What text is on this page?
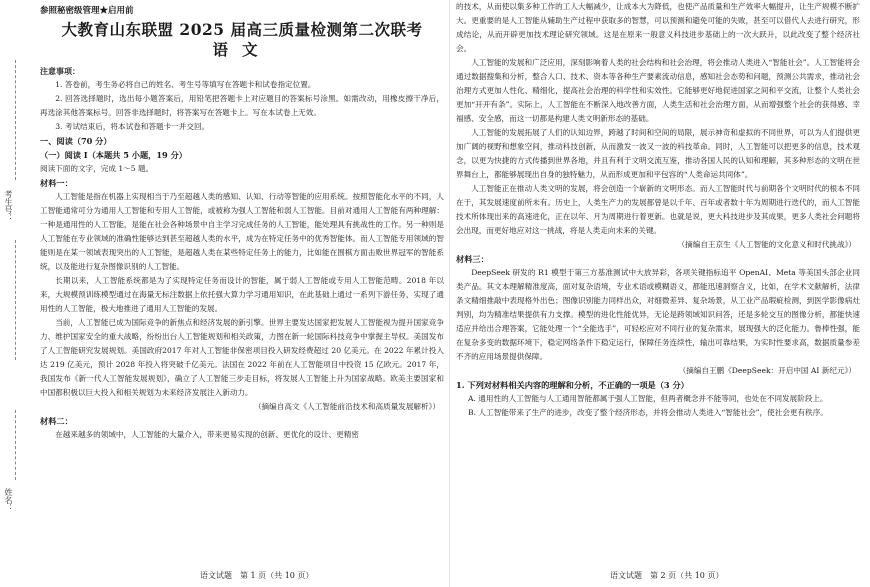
考生号：
姓名：
参照秘密级管理★启用前
大教育山东联盟 2025 届高三质量检测第二次联考
语文
注意事项：

1. 答卷前，考生务必将自己的姓名、考生号等填写在答题卡和试卷指定位置。

2. 回答选择题时，选出每小题答案后，用铅笔把答题卡上对应题目的答案标号涂黑。如需改动，用橡皮擦干净后，再选涂其他答案标号。回答非选择题时，将答案写在答题卡上。写在本试卷上无效。

3. 考试结束后，将本试卷和答题卡一并交回。

一、阅读（70 分）

（一）阅读 I（本题共 5 小题，19 分）

阅读下面的文字，完成 1～5 题。

材料一：

人工智能是指在机器上实现相当于乃至超越人类的感知、认知、行动等智能的应用系统。按照智能化水平的不同，人工智能通常可分为通用人工智能和专用人工智能，或被称为强人工智能和弱人工智能。目前对通用人工智能有两种理解：一种是通用性的人工智能，是能在社会各种场景中自主学习完成任务的人工智能，能处理具有挑战性的工作。另一种则是人工智能在专业领域的准确性能够达到甚至超越人类的水平，成为在特定任务中的优秀智能体。而人工智能专用领域的智能则是在某一领域表现突出的人工智能，是超越人类在某些特定任务上的能力，比如能在围棋方面击败世界冠军的智能系统，以及能进行复杂图像识别的人工智能。

长期以来，人工智能系统都是为了实现特定任务而设计的智能，属于弱人工智能或专用人工智能范畴。2018 年以来，大规模预训练模型通过在海量无标注数据上依托强大算力学习通用知识，在此基础上通过一系列下游任务，实现了通用性的人工智能，极大地推进了通用人工智能的发展。

当前，人工智能已成为国际竞争的新焦点和经济发展的新引擎。世界主要发达国家把发展人工智能视为提升国家竞争力、维护国家安全的重大战略，纷纷出台人工智能规划和相关政策，力图在新一轮国际科技竞争中掌握主导权。美国发布了人工智能研究发展规划。美国政府2017 年对人工智能非保密项目投入研发经费超过 20 亿美元。在 2022 年累计投入达 219 亿美元，预计 2028 年投入将突破千亿美元。法国在 2022 年前在人工智能项目中投资 15 亿欧元。2017 年，我国发布《新一代人工智能发展规划》，确立了人工智能三步走目标，将发展人工智能上升为国家战略。欧美主要国家和中国都积极以巨大投入和相关规划为未来经济发展注入新动力。

（摘编自高文《人工智能前沿技术和高质量发展解析》）

材料二：

在越来越多的领域中，人工智能的大量介入，带来更易实现的创新、更优化的设计、更精密

语文试题　第 1 页（共 10 页）

的技术，从而使以集多种工作的工人大幅减少，让成本大为降低，也使产品质量和生产效率大幅提升，让生产规模不断扩大。更重要的是人工智能从辅助生产过程中获取多的智慧，可以预测和避免可能的失败，甚至可以借代人去进行研究，形成结论，从而开辟更加技术理论研究领域。这是在原来一般意义科技进步基础上的一次大跃升，以此改变了整个经济社会。

人工智能的发展和广泛应用，深刻影响着人类的社会结构和社会治理，将会推动人类进入“智能社会”。人工智能将会通过数据搜集和分析，整合人口、技术、资本等各种生产要素流动信息，感知社会态势和问题，预测公共需求，推动社会治理方式更加人性化、精细化，提高社会治理的科学性和实效性。它能够更好地促进国家之间和平交流，让整个人类社会更加“开开有条”。实际上，人工智能在不断深入地改善方面，人类生活和社会治理方面，从而增强整个社会的获得感、幸福感、安全感，而这一切都是构建人类文明新形态的基础。

人工智能的发展拓展了人们的认知边界，跨越了时间和空间的局限，展示神奇和虚拟的不同世界，可以为人们提供更加广阔的视野和想象空间，推动科技创新，从而激发一波又一波的科技革命。同时，人工智能可以把更多的信息，技术观念，以更为快捷的方式传播到世界各地，并且有利于文明交流互鉴，推动各国人民的认知和理解，其多种形态的文明在世界舞台上，都能够展现出自身的独特魅力，从而形成更加和平包容的“人类命运共同体”。

人工智能正在推动人类文明的发展，将会创造一个崭新的文明形态。而人工智能时代与前期各个文明时代的根本不同在于，其发展速度前所未有。历史上，人类生产力的发展都曾是以千年、百年或者数十年为周期进行迭代的，而人工智能技术所体现出来的高速进化，正在以年、月为周期进行着更新。也就是说，更大科技进步及其成果，更多人类社会问题将会出现，而更好地应对这一挑战，将是人类走向未来的关键。

（摘编自王京生《人工智能的文化意义和时代挑战》）

材料三：

DeepSeek 研发的 R1 模型于第三方基准测试中大放异彩，各项关键指标追平 OpenAI、Meta 等美国头部企业同类产品。其文本理解精准度高，面对复杂语境，专业术语或模糊语义，都能迅速洞察含义，比如，在学术文献解析，法律条文精细推敲中表现格外出色；图像识别能力同样出众，对细微差异、复杂场景，从工业产品瑕疵检测，到医学影像病灶判别，均为精准结果提供有力支撑。模型的进化性能优异，无论是跨领域知识问答，还是多轮交互的图像分析，都能快速适应并给出合理答案，它能处理一个“全能选手”，可轻松应对不同行业的复杂需求，展现强大的泛化能力。鲁棒性强，能在复杂多变的数据环境下，稳定网络条件下稳定运行，保障任务连续性，输出可靠结果，为实时性要求高，数据质量参差不齐的应用场景提供保障。

（摘编自王鹏《DeepSeek：开启中国 AI 新纪元》）

1. 下列对材料相关内容的理解和分析，不正确的一项是（3 分）

A. 通用性的人工智能与人工通用智能都属于强人工智能，但两者概念并不能等同，也处在不同发展阶段上。

B. 人工智能带来了生产的进步，改变了整个经济形态，并将会推动人类进入“智能社会”，使社会更有秩序。

语文试题　第 2 页（共 10 页）
